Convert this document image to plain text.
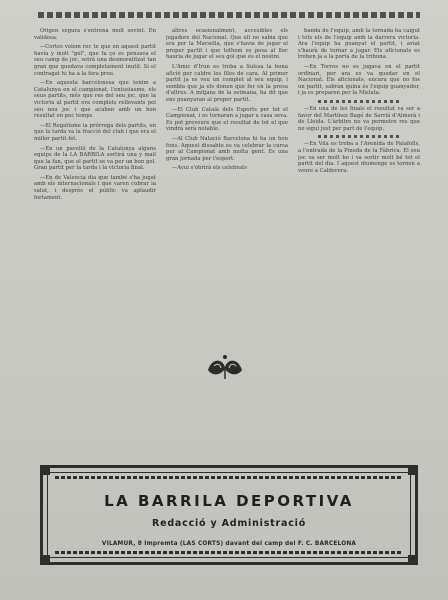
Origen segura s'entrenà molt sovint. En validesa.

—Cortes volem rec te que en aquest partit havia y molt "gol", que fa ço es pensava el seu camp de joc, sotrà una desmoralitzat tan gran que quedava completament inutil. Si el contragat hi ha a la fera prou.

—En aquesta barcelonesa que tenim a Catalunya en el campionat, l'entusiasme, els seus partits, més que res del seu joc, que la victoria al partit era complets rellevants pel seu nou joc i que acaben amb un bon resultat en poc temps.

—El Regatisme la prórroga dels partits, en que la tarda va la fracció del club i que era el millor partit fet.

—En un pavelló de la Catalunya alguns equips de la LA BARRILA sortirá una y mail que la fan, que el partit se va per un bon gol. Gran partit per la tarda i la victoria final.

—En de Valencia dia que també s'ha jugat amb els internacionals i que varen cobrar la salut, i desprès el públic va aplaudir fortament.

altres ocasionalment, accesibles els jugadors del Nacional. Que ell no sabia que era per la Marsella, que s'havia de jugar el proper partit i que tothom es posa al lloc hauria de jugar el seu gol que és el nostre.

L'Amic d'Irun es troba a Suïssa la bona afició per caldre les files de cara. Al primer partit ja es veu un complet al seu equip, i sembla que ja els donen que fer en la presa d'altres. A mitjans de la setmana, ha dit que ens guanyaran al proper partit.

—El Club Català dels Esports per tot el Campionat, i es tornaran a jugar a casa seva. Es pot preveure que el resultat de tot el que vindrà serà notable.

—Al Club Natació Barcelona hi ha un bon fons. Aquest dissabte es va celebrar la cursa per al Campionat amb molta gent. Es una gran jornada per l'esport.

—Avui s'obrirà els celebrats

banda de l'equip, amb la tornada ha caigut i tots els de l'equip amb la darrera victoria. Ara l'equip ha guanyat el partit, i aviat s'haurà de tornar a jugar. Els aficionats es troben ja a la porta de la tribuna.

—En Torres no es jugava en el partit ordinari, per ara es va quedar en el Nacional. Els aficionats, encara que no fos un partit, sabran quina és l'equip guanyador, i ja es preparen per la Mislata.

—En una de les finals el resultat va ser a favor del Martínez Bagó de Sarriá d'Almerà i de Lleida. L'àrbitre no va permetre res que no sigui just per part de l'equip.

—En Vila es troba a l'Avenida de Palafolls, a l'entrada de la Pineda de la Fàbrica. El seu joc va ser molt bo i va sortir molt bé tot el partit del dia. I aquest diumenge es tornen a veure a Calderera.

LA BARRILA DEPORTIVA
Redacció y Administració
VILAMUR, 8 Impremta (LAS CORTS) davant del camp del F. C. BARCELONA
